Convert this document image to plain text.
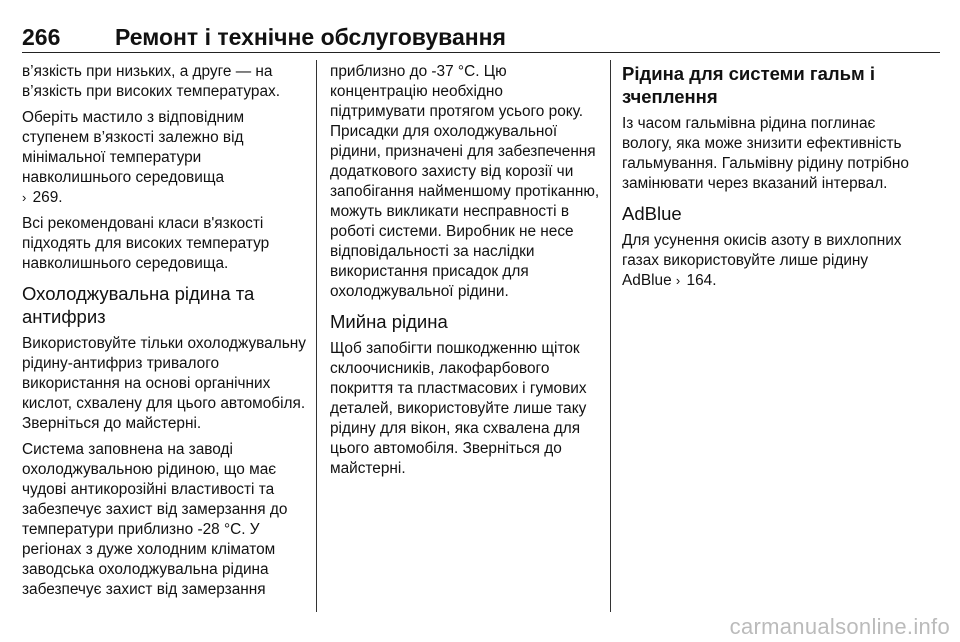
266 Ремонт і технічне обслуговування

в’язкість при низьких, а друге — на в’язкість при високих температурах.

Оберіть мастило з відповідним ступенем в’язкості залежно від мінімальної температури навколишнього середовища
› 269.

Всі рекомендовані класи в'язкості підходять для високих температур навколишнього середовища.

Охолоджувальна рідина та антифриз

Використовуйте тільки охолоджувальну рідину-антифриз тривалого використання на основі органічних кислот, схвалену для цього автомобіля. Зверніться до майстерні.

Система заповнена на заводі охолоджувальною рідиною, що має чудові антикорозійні властивості та забезпечує захист від замерзання до температури приблизно -28 °C. У регіонах з дуже холодним кліматом заводська охолоджувальна рідина забезпечує захист від замерзання

приблизно до -37 °C. Цю концентрацію необхідно підтримувати протягом усього року. Присадки для охолоджувальної рідини, призначені для забезпечення додаткового захисту від корозії чи запобігання найменшому протіканню, можуть викликати несправності в роботі системи. Виробник не несе відповідальності за наслідки використання присадок для охолоджувальної рідини.

Мийна рідина

Щоб запобігти пошкодженню щіток склоочисників, лакофарбового покриття та пластмасових і гумових деталей, використовуйте лише таку рідину для вікон, яка схвалена для цього автомобіля. Зверніться до майстерні.

Рідина для системи гальм і зчеплення

Із часом гальмівна рідина поглинає вологу, яка може знизити ефективність гальмування. Гальмівну рідину потрібно замінювати через вказаний інтервал.

AdBlue

Для усунення окисів азоту в вихлопних газах використовуйте лише рідину AdBlue › 164.

carmanualsonline.info
